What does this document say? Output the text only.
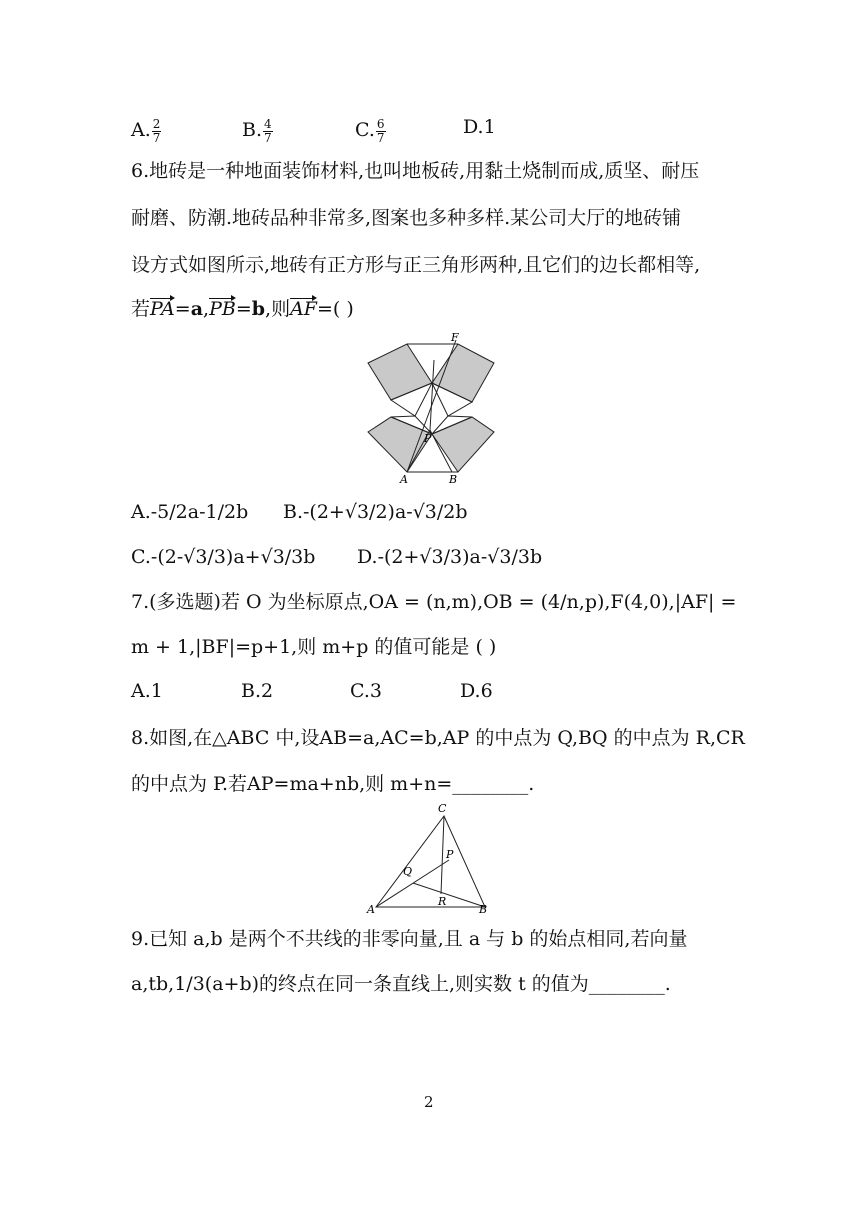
A. $\frac{2}{7}$	B. $\frac{4}{7}$	C. $\frac{6}{7}$	D.1
6.地砖是一种地面装饰材料,也叫地板砖,用黏土烧制而成,质坚、耐压
耐磨、防潮.地砖品种非常多,图案也多种多样.某公司大厅的地砖铺
设方式如图所示,地砖有正方形与正三角形两种,且它们的边长都相等,
若PA=a,PB=b,则AF=( )
F
P
A	B
A.-5/2a-1/2b B.-(2+√3/2)a-√3/2b
C.-(2-√3/3)a+√3/3b D.-(2+√3/3)a-√3/3b
7.(多选题)若 O 为坐标原点,OA = (n,m),OB = (4/n,p),F(4,0),|AF| =
m + 1,|BF|=p+1,则 m+p 的值可能是 ( )
A.1	B.2	C.3	D.6
8.如图,在△ABC 中,设AB=a,AC=b,AP 的中点为 Q,BQ 的中点为 R,CR
的中点为 P.若AP=ma+nb,则 m+n=________.
C
P
Q
R
A	B
9.已知 a,b 是两个不共线的非零向量,且 a 与 b 的始点相同,若向量
a,tb,1/3(a+b)的终点在同一条直线上,则实数 t 的值为________.
2
